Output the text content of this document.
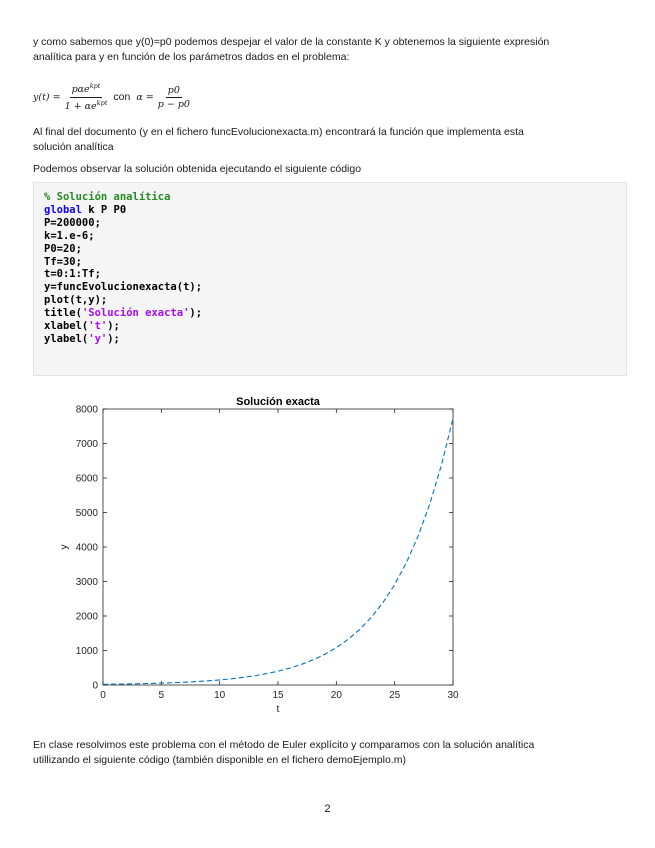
y como sabemos que y(0)=p0 podemos despejar el valor de la constante K y obtenemos la siguiente expresión
analítica para y en función de los parámetros dados en el problema:
$y(t) = \frac{p\alpha e^{kpt}}{1 + \alpha e^{kpt}}$ con $\alpha = \frac{p0}{p - p0}$
Al final del documento (y en el fichero funcEvolucionexacta.m) encontrará la función que implementa esta
solución analítica
Podemos observar la solución obtenida ejecutando el siguiente código
% Solución analítica
global k P P0
P=200000;
k=1.e-6;
P0=20;
Tf=30;
t=0:1:Tf;
y=funcEvolucionexacta(t);
plot(t,y);
title('Solución exacta');
xlabel('t');
ylabel('y');
0	5	10	15	20	25	30
0
1000
2000
3000
4000
5000
6000
7000
8000
Solución exacta
t
y
En clase resolvimos este problema con el método de Euler explícito y comparamos con la solución analítica
utillizando el siguiente código (también disponible en el fichero demoEjemplo.m)
2
